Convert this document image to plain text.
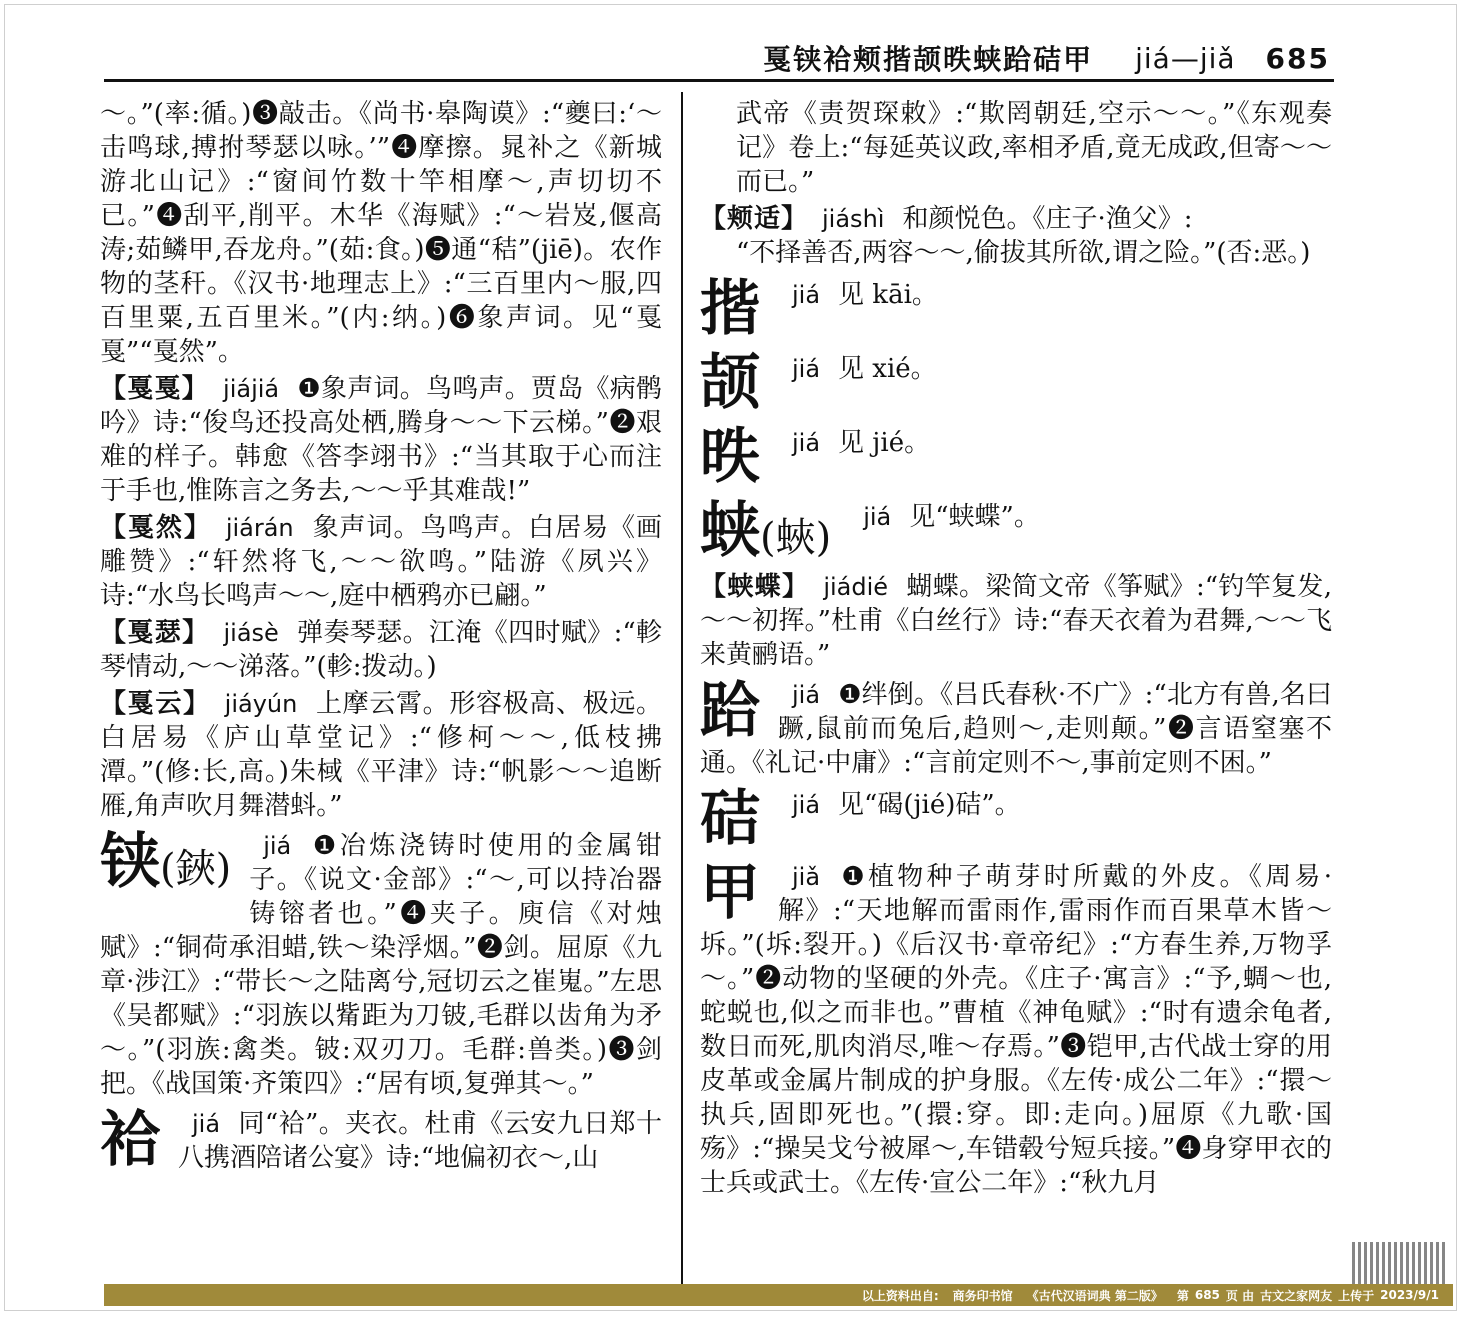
戛铗袷颊揩颉昳蛱跲硈甲 jiá—jiǎ 685

～。”(率:循。)❸敲击。《尚书·皋陶谟》:“夔曰:‘～击鸣球,搏拊琴瑟以咏。’”❹摩擦。晁补之《新城游北山记》:“窗间竹数十竿相摩～,声切切不已。”❹刮平,削平。木华《海赋》:“～岩岌,偃高涛;茹鳞甲,吞龙舟。”(茹:食。)❺通“秸”(jiē)。农作物的茎秆。《汉书·地理志上》:“三百里内～服,四百里粟,五百里米。”(内:纳。)❻象声词。见“戛戛”“戛然”。

【戛戛】 jiájiá ❶象声词。鸟鸣声。贾岛《病鹘吟》诗:“俊鸟还投高处栖,腾身～～下云梯。”❷艰难的样子。韩愈《答李翊书》:“当其取于心而注于手也,惟陈言之务去,～～乎其难哉!”

【戛然】 jiárán 象声词。鸟鸣声。白居易《画雕赞》:“轩然将飞,～～欲鸣。”陆游《夙兴》诗:“水鸟长鸣声～～,庭中栖鸦亦已翩。”

【戛瑟】 jiásè 弹奏琴瑟。江淹《四时赋》:“軫琴情动,～～涕落。”(軫:拨动。)

【戛云】 jiáyún 上摩云霄。形容极高、极远。白居易《庐山草堂记》:“修柯～～,低枝拂潭。”(修:长,高。)朱棫《平津》诗:“帆影～～追断雁,角声吹月舞潜蚪。”

铗(鋏) jiá ❶冶炼浇铸时使用的金属钳子。《说文·金部》:“～,可以持冶器铸镕者也。”❹夹子。庾信《对烛赋》:“铜荷承泪蜡,铁～染浮烟。”❷剑。屈原《九章·涉江》:“带长～之陆离兮,冠切云之崔嵬。”左思《吴都赋》:“羽族以觜距为刀铍,毛群以齿角为矛～。”(羽族:禽类。铍:双刃刀。毛群:兽类。)❸剑把。《战国策·齐策四》:“居有顷,复弹其～。”
袷 jiá 同“袷”。夹衣。杜甫《云安九日郑十八携酒陪诸公宴》诗:“地偏初衣～,山

武帝《责贺琛敕》:“欺罔朝廷,空示～～。”《东观奏记》卷上:“每延英议政,率相矛盾,竟无成政,但寄～～而已。”

【颊适】 jiáshì 和颜悦色。《庄子·渔父》:
“不择善否,两容～～,偷拔其所欲,谓之险。”(否:恶。)

揩	jiá 见 kāi。
颉	jiá 见 xié。
昳	jiá 见 jié。
蛱(蛺)	jiá 见“蛱蝶”。

【蛱蝶】 jiádié 蝴蝶。梁简文帝《筝赋》:“钓竿复发,～～初挥。”杜甫《白丝行》诗:“春天衣着为君舞,～～飞来黄鹂语。”

跲 jiá ❶绊倒。《吕氏春秋·不广》:“北方有兽,名曰蹶,鼠前而兔后,趋则～,走则颠。”❷言语窒塞不通。《礼记·中庸》:“言前定则不～,事前定则不困。”
硈	jiá 见“碣(jié)硈”。
甲 jiǎ ❶植物种子萌芽时所戴的外皮。《周易·解》:“天地解而雷雨作,雷雨作而百果草木皆～坼。”(坼:裂开。)《后汉书·章帝纪》:“方春生养,万物孚～。”❷动物的坚硬的外壳。《庄子·寓言》:“予,蜩～也,蛇蜕也,似之而非也。”曹植《神龟赋》:“时有遗余龟者,数日而死,肌肉消尽,唯～存焉。”❸铠甲,古代战士穿的用皮革或金属片制成的护身服。《左传·成公二年》:“擐～执兵,固即死也。”(擐:穿。即:走向。)屈原《九歌·国殇》:“操吴戈兮被犀～,车错毂兮短兵接。”❹身穿甲衣的士兵或武士。《左传·宣公二年》:“秋九月
以上资料出自: 商务印书馆 《古代汉语词典 第二版》 第 685 页 由 古文之家网友 上传于 2023/9/1
